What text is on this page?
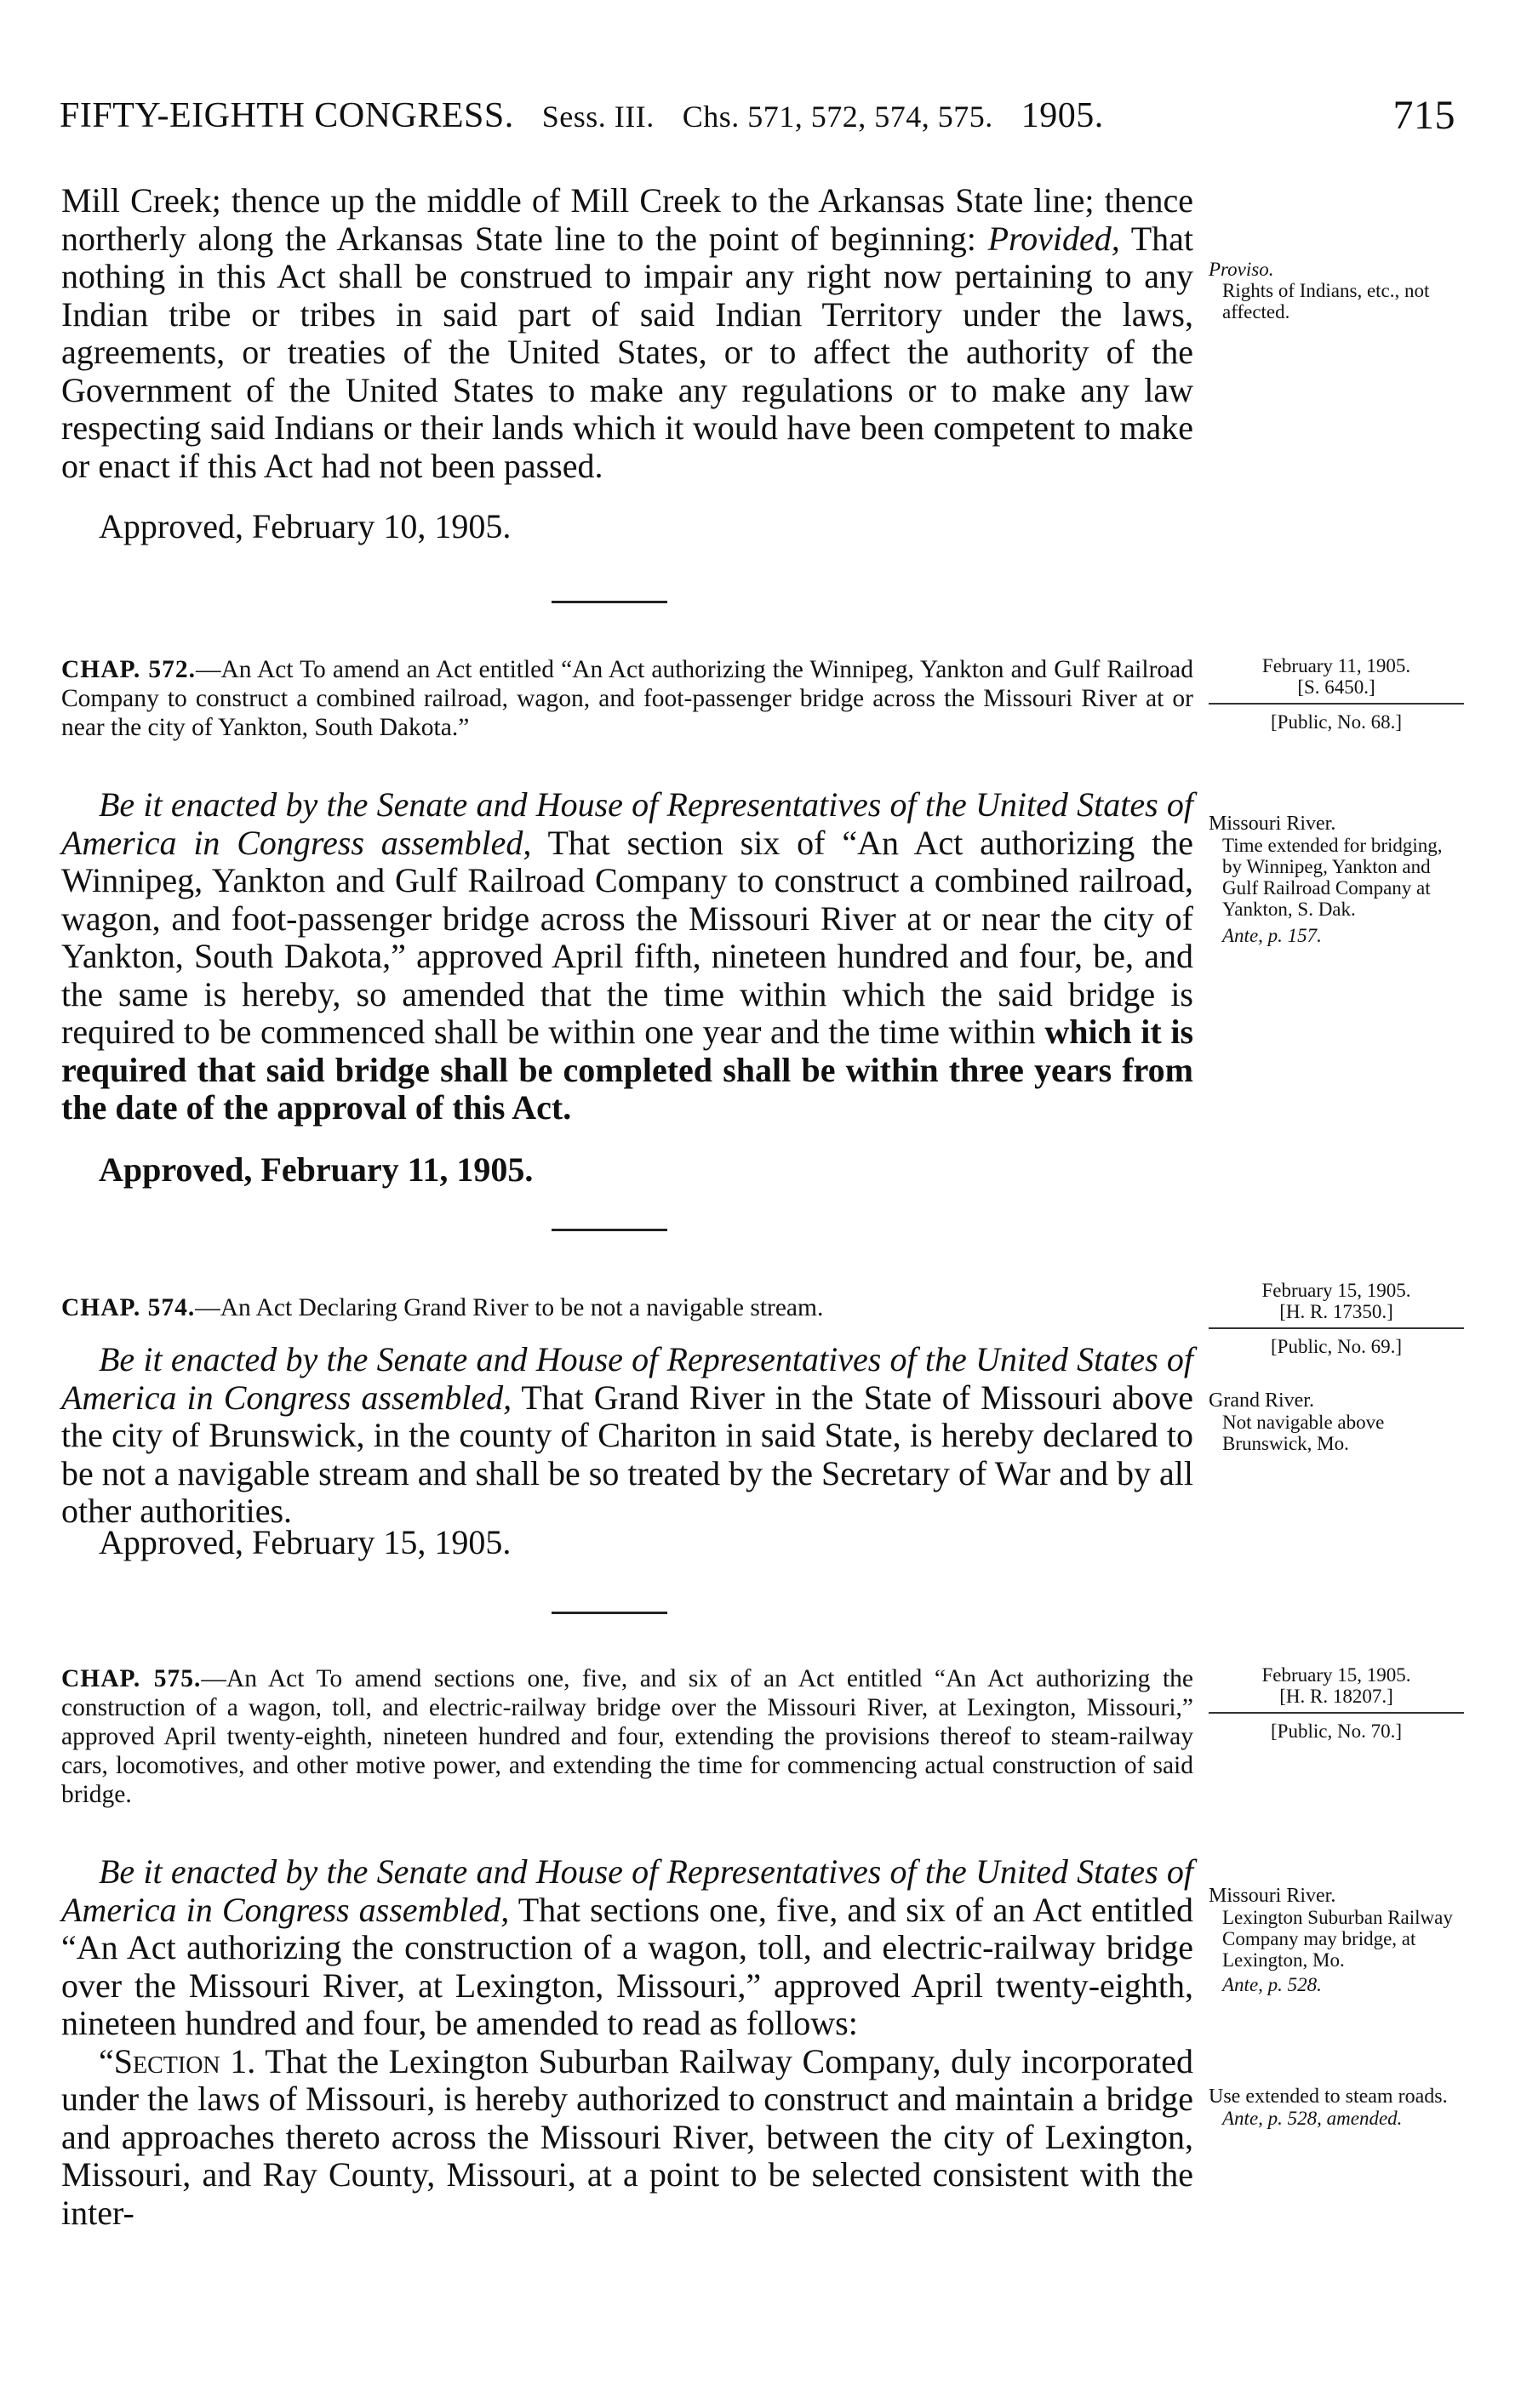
FIFTY-EIGHTH CONGRESS. Sess. III. Chs. 571, 572, 574, 575. 1905.	715

Mill Creek; thence up the middle of Mill Creek to the Arkansas State line; thence northerly along the Arkansas State line to the point of beginning: Provided, That nothing in this Act shall be construed to impair any right now pertaining to any Indian tribe or tribes in said part of said Indian Territory under the laws, agreements, or treaties of the United States, or to affect the authority of the Government of the United States to make any regulations or to make any law respecting said Indians or their lands which it would have been competent to make or enact if this Act had not been passed.

Approved, February 10, 1905.

Proviso.
Rights of Indians, etc., not affected.

CHAP. 572.—An Act To amend an Act entitled “An Act authorizing the Winnipeg, Yankton and Gulf Railroad Company to construct a combined railroad, wagon, and foot-passenger bridge across the Missouri River at or near the city of Yankton, South Dakota.”

February 11, 1905.
[S. 6450.]
[Public, No. 68.]

Be it enacted by the Senate and House of Representatives of the United States of America in Congress assembled, That section six of “An Act authorizing the Winnipeg, Yankton and Gulf Railroad Company to construct a combined railroad, wagon, and foot-passenger bridge across the Missouri River at or near the city of Yankton, South Dakota,” approved April fifth, nineteen hundred and four, be, and the same is hereby, so amended that the time within which the said bridge is required to be commenced shall be within one year and the time within which it is required that said bridge shall be completed shall be within three years from the date of the approval of this Act.

Approved, February 11, 1905.

Missouri River.
Time extended for bridging, by Winnipeg, Yankton and Gulf Railroad Company at Yankton, S. Dak.
Ante, p. 157.

CHAP. 574.—An Act Declaring Grand River to be not a navigable stream.

February 15, 1905.
[H. R. 17350.]
[Public, No. 69.]

Be it enacted by the Senate and House of Representatives of the United States of America in Congress assembled, That Grand River in the State of Missouri above the city of Brunswick, in the county of Chariton in said State, is hereby declared to be not a navigable stream and shall be so treated by the Secretary of War and by all other authorities.

Approved, February 15, 1905.

Grand River.
Not navigable above Brunswick, Mo.

CHAP. 575.—An Act To amend sections one, five, and six of an Act entitled “An Act authorizing the construction of a wagon, toll, and electric-railway bridge over the Missouri River, at Lexington, Missouri,” approved April twenty-eighth, nineteen hundred and four, extending the provisions thereof to steam-railway cars, locomotives, and other motive power, and extending the time for commencing actual construction of said bridge.

February 15, 1905.
[H. R. 18207.]
[Public, No. 70.]

Be it enacted by the Senate and House of Representatives of the United States of America in Congress assembled, That sections one, five, and six of an Act entitled “An Act authorizing the construction of a wagon, toll, and electric-railway bridge over the Missouri River, at Lexington, Missouri,” approved April twenty-eighth, nineteen hundred and four, be amended to read as follows:

“Section 1. That the Lexington Suburban Railway Company, duly incorporated under the laws of Missouri, is hereby authorized to construct and maintain a bridge and approaches thereto across the Missouri River, between the city of Lexington, Missouri, and Ray County, Missouri, at a point to be selected consistent with the inter-

Missouri River.
Lexington Suburban Railway Company may bridge, at Lexington, Mo.
Ante, p. 528.
Use extended to steam roads.
Ante, p. 528, amended.
